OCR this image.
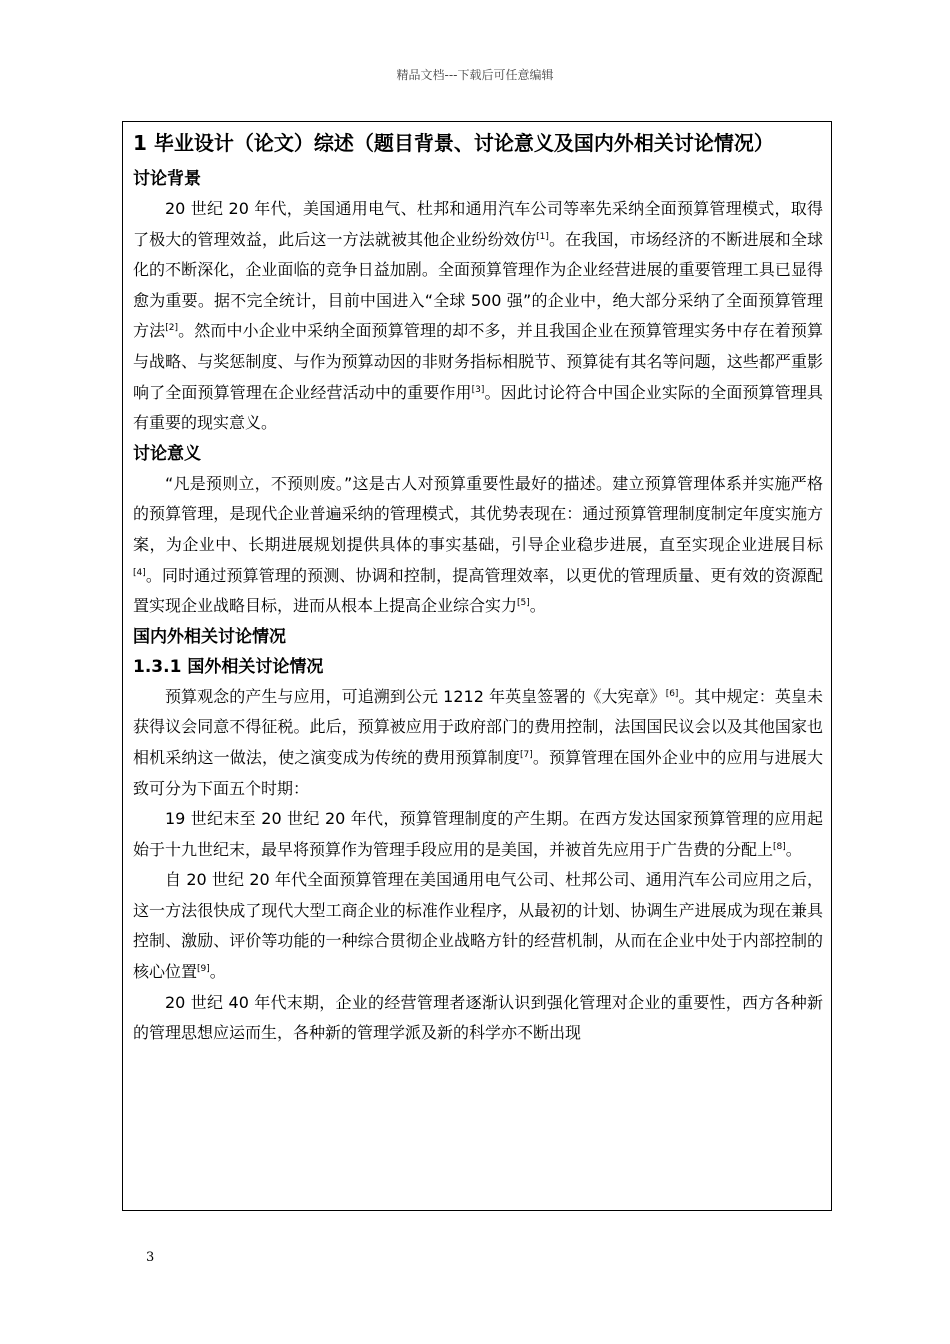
精品文档---下载后可任意编辑
1 毕业设计（论文）综述（题目背景、讨论意义及国内外相关讨论情况）
讨论背景

20 世纪 20 年代，美国通用电气、杜邦和通用汽车公司等率先采纳全面预算管理模式，取得了极大的管理效益，此后这一方法就被其他企业纷纷效仿[1]。在我国，市场经济的不断进展和全球化的不断深化，企业面临的竞争日益加剧。全面预算管理作为企业经营进展的重要管理工具已显得愈为重要。据不完全统计，目前中国进入“全球 500 强”的企业中，绝大部分采纳了全面预算管理方法[2]。然而中小企业中采纳全面预算管理的却不多，并且我国企业在预算管理实务中存在着预算与战略、与奖惩制度、与作为预算动因的非财务指标相脱节、预算徒有其名等问题，这些都严重影响了全面预算管理在企业经营活动中的重要作用[3]。因此讨论符合中国企业实际的全面预算管理具有重要的现实意义。

讨论意义

“凡是预则立，不预则废。”这是古人对预算重要性最好的描述。建立预算管理体系并实施严格的预算管理，是现代企业普遍采纳的管理模式，其优势表现在：通过预算管理制度制定年度实施方案，为企业中、长期进展规划提供具体的事实基础，引导企业稳步进展，直至实现企业进展目标[4]。同时通过预算管理的预测、协调和控制，提高管理效率，以更优的管理质量、更有效的资源配置实现企业战略目标，进而从根本上提高企业综合实力[5]。

国内外相关讨论情况
1.3.1 国外相关讨论情况

预算观念的产生与应用，可追溯到公元 1212 年英皇签署的《大宪章》[6]。其中规定：英皇未获得议会同意不得征税。此后，预算被应用于政府部门的费用控制，法国国民议会以及其他国家也相机采纳这一做法，使之演变成为传统的费用预算制度[7]。预算管理在国外企业中的应用与进展大致可分为下面五个时期：

19 世纪末至 20 世纪 20 年代，预算管理制度的产生期。在西方发达国家预算管理的应用起始于十九世纪末，最早将预算作为管理手段应用的是美国，并被首先应用于广告费的分配上[8]。

自 20 世纪 20 年代全面预算管理在美国通用电气公司、杜邦公司、通用汽车公司应用之后，这一方法很快成了现代大型工商企业的标准作业程序，从最初的计划、协调生产进展成为现在兼具控制、激励、评价等功能的一种综合贯彻企业战略方针的经营机制，从而在企业中处于内部控制的核心位置[9]。

20 世纪 40 年代末期，企业的经营管理者逐渐认识到强化管理对企业的重要性，西方各种新的管理思想应运而生，各种新的管理学派及新的科学亦不断出现

3
